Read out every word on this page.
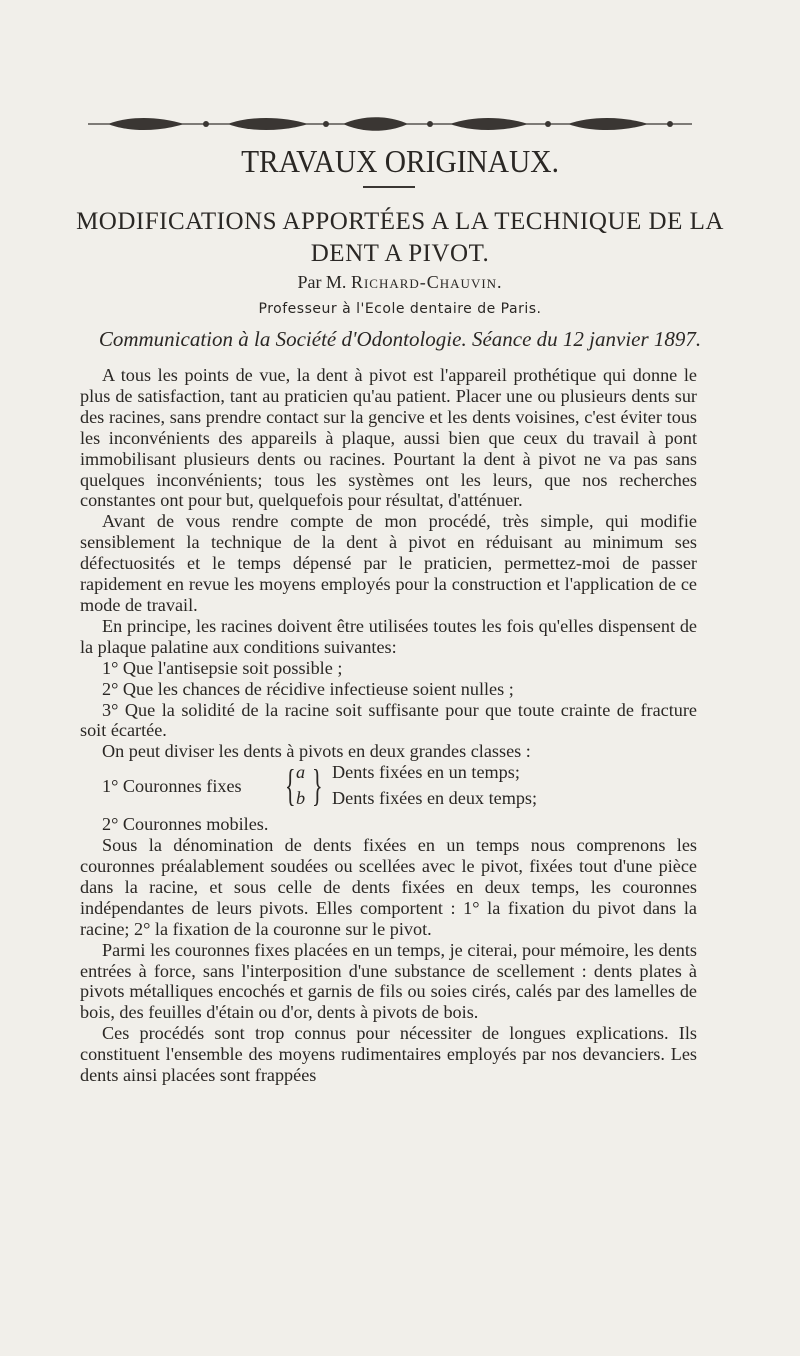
TRAVAUX ORIGINAUX.
MODIFICATIONS APPORTÉES A LA TECHNIQUE DE LA DENT A PIVOT.
Par M. Richard-Chauvin.
Professeur à l'Ecole dentaire de Paris.
Communication à la Société d'Odontologie. Séance du 12 janvier 1897.

A tous les points de vue, la dent à pivot est l'appareil prothétique qui donne le plus de satisfaction, tant au praticien qu'au patient. Placer une ou plusieurs dents sur des racines, sans prendre contact sur la gencive et les dents voisines, c'est éviter tous les inconvénients des appareils à plaque, aussi bien que ceux du travail à pont immobilisant plusieurs dents ou racines. Pourtant la dent à pivot ne va pas sans quelques inconvénients; tous les systèmes ont les leurs, que nos recherches constantes ont pour but, quelquefois pour résultat, d'atténuer.

Avant de vous rendre compte de mon procédé, très simple, qui modifie sensiblement la technique de la dent à pivot en réduisant au minimum ses défectuosités et le temps dépensé par le praticien, permettez-moi de passer rapidement en revue les moyens employés pour la construction et l'application de ce mode de travail.

En principe, les racines doivent être utilisées toutes les fois qu'elles dispensent de la plaque palatine aux conditions suivantes:

1° Que l'antisepsie soit possible ;

2° Que les chances de récidive infectieuse soient nulles ;

3° Que la solidité de la racine soit suffisante pour que toute crainte de fracture soit écartée.

On peut diviser les dents à pivots en deux grandes classes :

1° Couronnes fixes { a
b } Dents fixées en un temps;
Dents fixées en deux temps;

2° Couronnes mobiles.

Sous la dénomination de dents fixées en un temps nous comprenons les couronnes préalablement soudées ou scellées avec le pivot, fixées tout d'une pièce dans la racine, et sous celle de dents fixées en deux temps, les couronnes indépendantes de leurs pivots. Elles comportent : 1° la fixation du pivot dans la racine; 2° la fixation de la couronne sur le pivot.

Parmi les couronnes fixes placées en un temps, je citerai, pour mémoire, les dents entrées à force, sans l'interposition d'une substance de scellement : dents plates à pivots métalliques encochés et garnis de fils ou soies cirés, calés par des lamelles de bois, des feuilles d'étain ou d'or, dents à pivots de bois.

Ces procédés sont trop connus pour nécessiter de longues explications. Ils constituent l'ensemble des moyens rudimentaires employés par nos devanciers. Les dents ainsi placées sont frappées
